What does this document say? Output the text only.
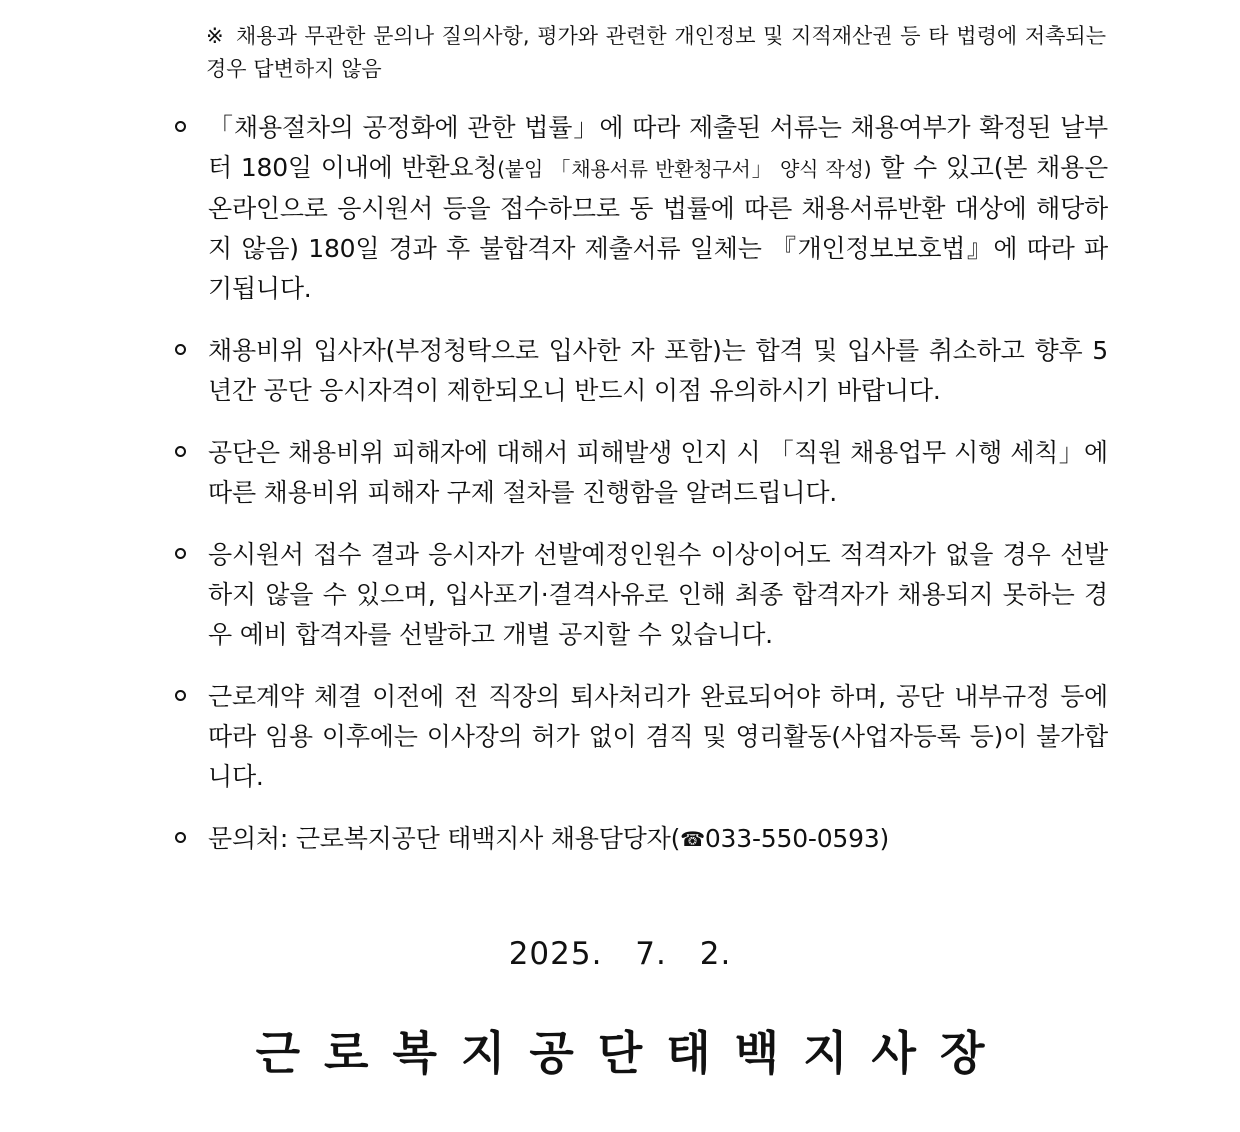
※ 채용과 무관한 문의나 질의사항, 평가와 관련한 개인정보 및 지적재산권 등 타 법령에 저촉되는 경우 답변하지 않음
「채용절차의 공정화에 관한 법률」에 따라 제출된 서류는 채용여부가 확정된 날부터 180일 이내에 반환요청(붙임 「채용서류 반환청구서」 양식 작성) 할 수 있고(본 채용은 온라인으로 응시원서 등을 접수하므로 동 법률에 따른 채용서류반환 대상에 해당하지 않음) 180일 경과 후 불합격자 제출서류 일체는 『개인정보보호법』에 따라 파기됩니다.
채용비위 입사자(부정청탁으로 입사한 자 포함)는 합격 및 입사를 취소하고 향후 5년간 공단 응시자격이 제한되오니 반드시 이점 유의하시기 바랍니다.
공단은 채용비위 피해자에 대해서 피해발생 인지 시 「직원 채용업무 시행 세칙」에 따른 채용비위 피해자 구제 절차를 진행함을 알려드립니다.
응시원서 접수 결과 응시자가 선발예정인원수 이상이어도 적격자가 없을 경우 선발하지 않을 수 있으며, 입사포기·결격사유로 인해 최종 합격자가 채용되지 못하는 경우 예비 합격자를 선발하고 개별 공지할 수 있습니다.
근로계약 체결 이전에 전 직장의 퇴사처리가 완료되어야 하며, 공단 내부규정 등에 따라 임용 이후에는 이사장의 허가 없이 겸직 및 영리활동(사업자등록 등)이 불가합니다.
문의처: 근로복지공단 태백지사 채용담당자(☎033-550-0593)
2025. 7. 2.
근로복지공단태백지사장
